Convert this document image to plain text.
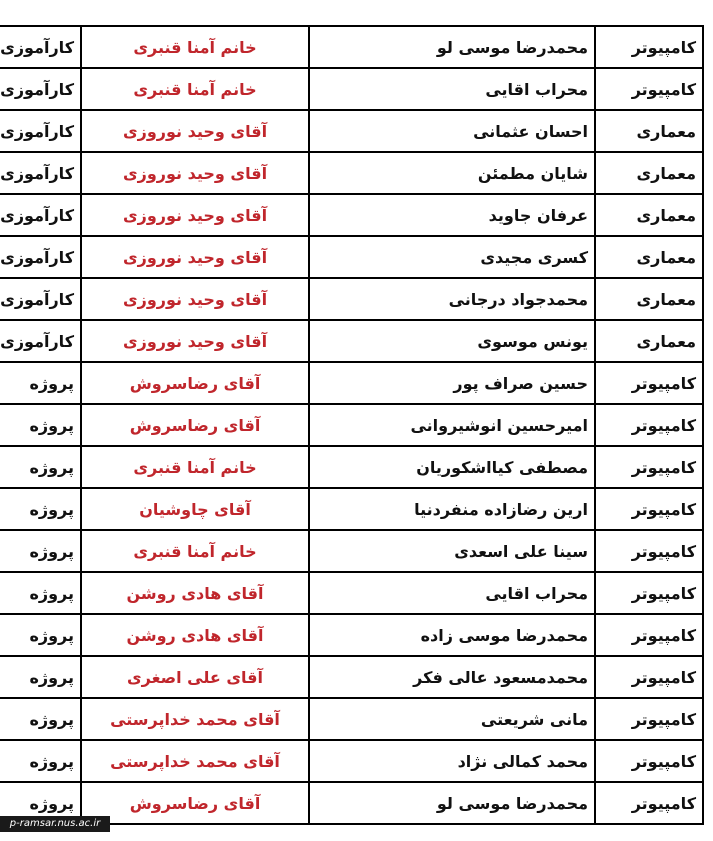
کامپیوتر	محمدرضا موسی لو	خانم آمنا قنبری	کارآموزی
کامپیوتر	محراب اقایی	خانم آمنا قنبری	کارآموزی
معماری	احسان عثمانی	آقای وحید نوروزی	کارآموزی
معماری	شایان مطمئن	آقای وحید نوروزی	کارآموزی
معماری	عرفان جاوید	آقای وحید نوروزی	کارآموزی
معماری	کسری مجیدی	آقای وحید نوروزی	کارآموزی
معماری	محمدجواد درجانی	آقای وحید نوروزی	کارآموزی
معماری	یونس موسوی	آقای وحید نوروزی	کارآموزی
کامپیوتر	حسین صراف پور	آقای رضاسروش	پروژه
کامپیوتر	امیرحسین انوشیروانی	آقای رضاسروش	پروژه
کامپیوتر	مصطفی کیااشکوریان	خانم آمنا قنبری	پروژه
کامپیوتر	ارین رضازاده منفردنیا	آقای چاوشیان	پروژه
کامپیوتر	سینا علی اسعدی	خانم آمنا قنبری	پروژه
کامپیوتر	محراب اقایی	آقای هادی روشن	پروژه
کامپیوتر	محمدرضا موسی زاده	آقای هادی روشن	پروژه
کامپیوتر	محمدمسعود عالی فکر	آقای علی اصغری	پروژه
کامپیوتر	مانی شریعتی	آقای محمد خداپرستی	پروژه
کامپیوتر	محمد کمالی نژاد	آقای محمد خداپرستی	پروژه
کامپیوتر	محمدرضا موسی لو	آقای رضاسروش	پروژه
p-ramsar.nus.ac.ir
